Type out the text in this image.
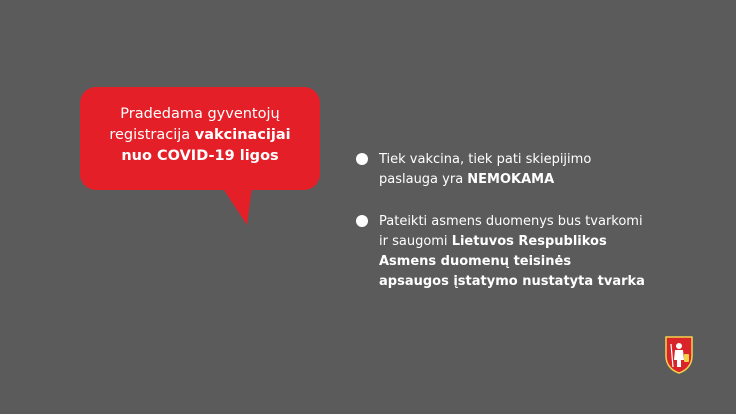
Pradedama gyventojų
registracija vakcinacijai
nuo COVID-19 ligos	Tiek vakcina, tiek pati skiepijimo
paslauga yra NEMOKAMA
Pateikti asmens duomenys bus tvarkomi
ir saugomi Lietuvos Respublikos
Asmens duomenų teisinės
apsaugos įstatymo nustatyta tvarka
